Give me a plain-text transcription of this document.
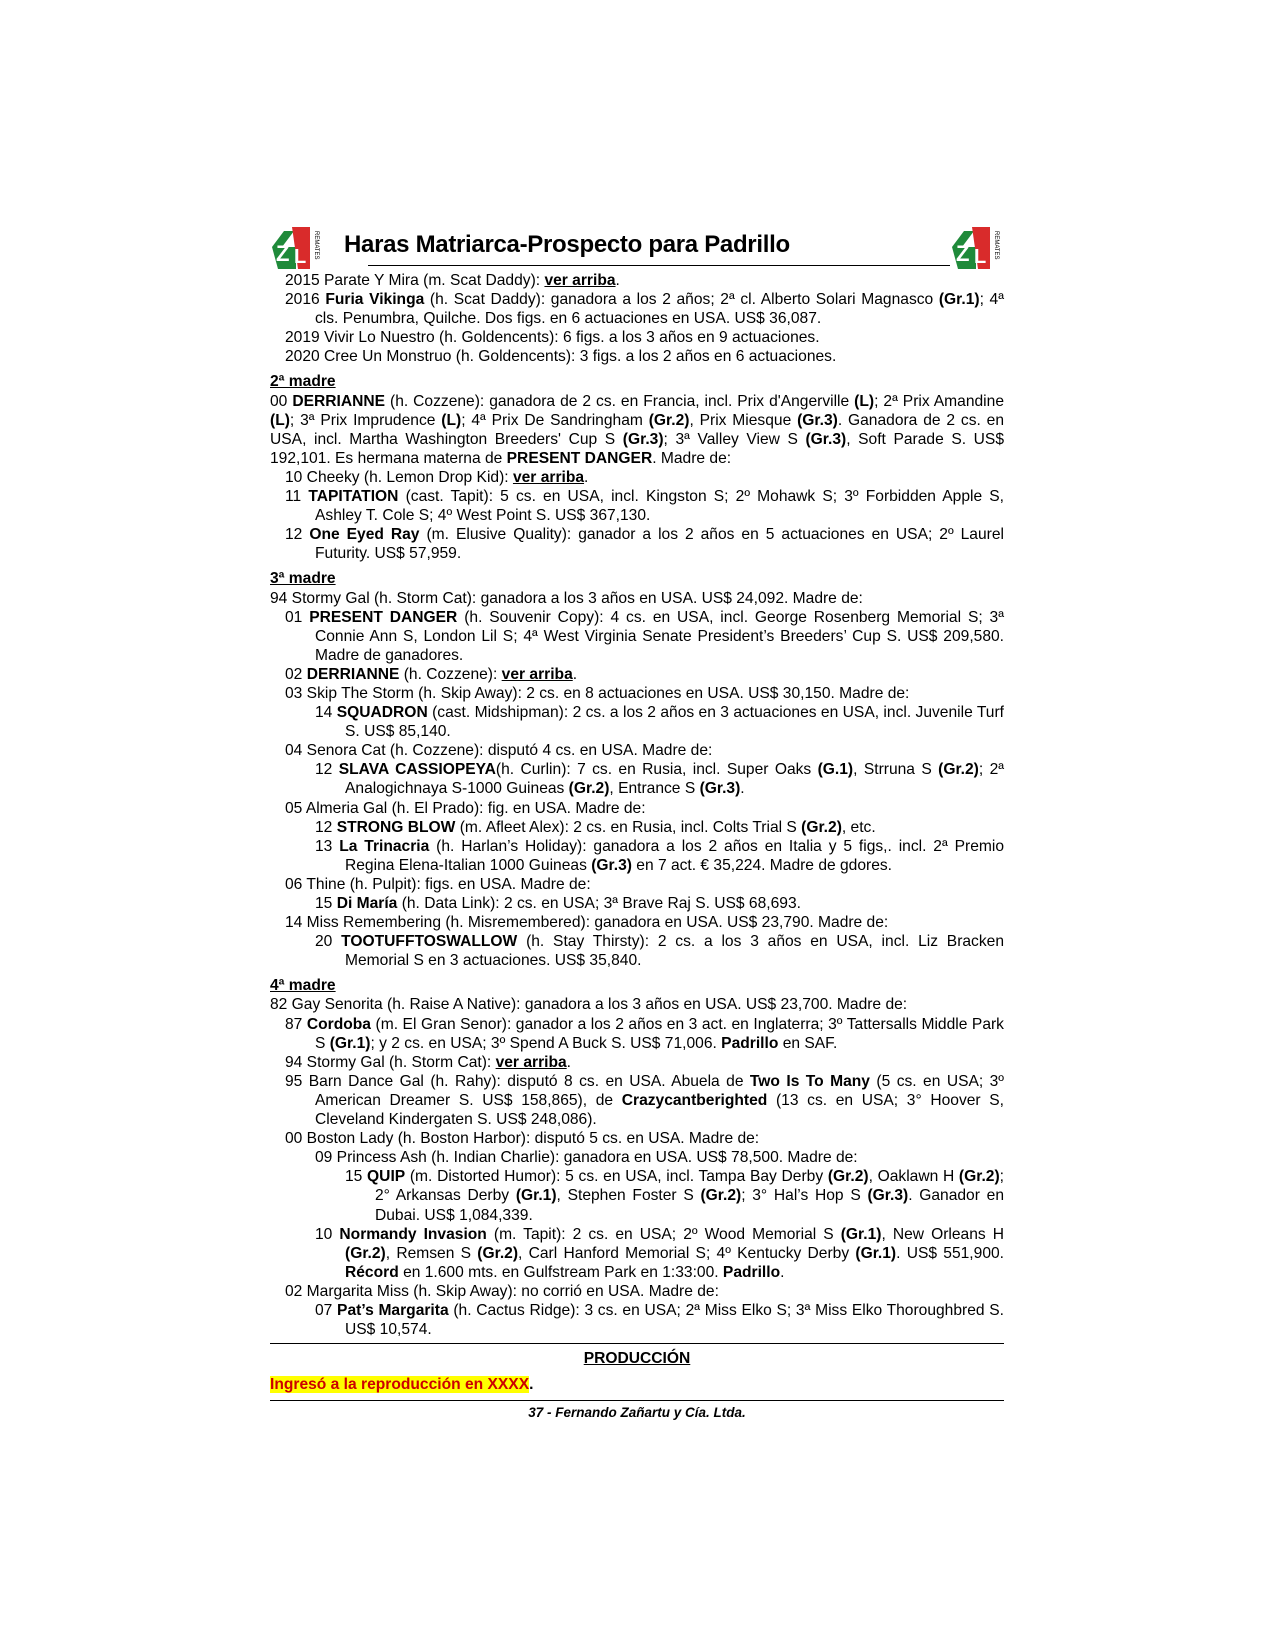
Z L REMATES Haras Matriarca-Prospecto para Padrillo	Z L REMATES

2015 Parate Y Mira (m. Scat Daddy): ver arriba.

2016 Furia Vikinga (h. Scat Daddy): ganadora a los 2 años; 2ª cl. Alberto Solari Magnasco (Gr.1); 4ª cls. Penumbra, Quilche. Dos figs. en 6 actuaciones en USA. US$ 36,087.

2019 Vivir Lo Nuestro (h. Goldencents): 6 figs. a los 3 años en 9 actuaciones.

2020 Cree Un Monstruo (h. Goldencents): 3 figs. a los 2 años en 6 actuaciones.

2ª madre

00 DERRIANNE (h. Cozzene): ganadora de 2 cs. en Francia, incl. Prix d'Angerville (L); 2ª Prix Amandine (L); 3ª Prix Imprudence (L); 4ª Prix De Sandringham (Gr.2), Prix Miesque (Gr.3). Ganadora de 2 cs. en USA, incl. Martha Washington Breeders' Cup S (Gr.3); 3ª Valley View S (Gr.3), Soft Parade S. US$ 192,101. Es hermana materna de PRESENT DANGER. Madre de:

10 Cheeky (h. Lemon Drop Kid): ver arriba.

11 TAPITATION (cast. Tapit): 5 cs. en USA, incl. Kingston S; 2º Mohawk S; 3º Forbidden Apple S, Ashley T. Cole S; 4º West Point S. US$ 367,130.

12 One Eyed Ray (m. Elusive Quality): ganador a los 2 años en 5 actuaciones en USA; 2º Laurel Futurity. US$ 57,959.

3ª madre

94 Stormy Gal (h. Storm Cat): ganadora a los 3 años en USA. US$ 24,092. Madre de:

01 PRESENT DANGER (h. Souvenir Copy): 4 cs. en USA, incl. George Rosenberg Memorial S; 3ª Connie Ann S, London Lil S; 4ª West Virginia Senate President’s Breeders’ Cup S. US$ 209,580. Madre de ganadores.

02 DERRIANNE (h. Cozzene): ver arriba.

03 Skip The Storm (h. Skip Away): 2 cs. en 8 actuaciones en USA. US$ 30,150. Madre de:

14 SQUADRON (cast. Midshipman): 2 cs. a los 2 años en 3 actuaciones en USA, incl. Juvenile Turf S. US$ 85,140.

04 Senora Cat (h. Cozzene): disputó 4 cs. en USA. Madre de:

12 SLAVA CASSIOPEYA(h. Curlin): 7 cs. en Rusia, incl. Super Oaks (G.1), Strruna S (Gr.2); 2ª Analogichnaya S-1000 Guineas (Gr.2), Entrance S (Gr.3).

05 Almeria Gal (h. El Prado): fig. en USA. Madre de:

12 STRONG BLOW (m. Afleet Alex): 2 cs. en Rusia, incl. Colts Trial S (Gr.2), etc.

13 La Trinacria (h. Harlan’s Holiday): ganadora a los 2 años en Italia y 5 figs,. incl. 2ª Premio Regina Elena-Italian 1000 Guineas (Gr.3) en 7 act. € 35,224. Madre de gdores.

06 Thine (h. Pulpit): figs. en USA. Madre de:

15 Di María (h. Data Link): 2 cs. en USA; 3ª Brave Raj S. US$ 68,693.

14 Miss Remembering (h. Misremembered): ganadora en USA. US$ 23,790. Madre de:

20 TOOTUFFTOSWALLOW (h. Stay Thirsty): 2 cs. a los 3 años en USA, incl. Liz Bracken Memorial S en 3 actuaciones. US$ 35,840.

4ª madre

82 Gay Senorita (h. Raise A Native): ganadora a los 3 años en USA. US$ 23,700. Madre de:

87 Cordoba (m. El Gran Senor): ganador a los 2 años en 3 act. en Inglaterra; 3º Tattersalls Middle Park S (Gr.1); y 2 cs. en USA; 3º Spend A Buck S. US$ 71,006. Padrillo en SAF.

94 Stormy Gal (h. Storm Cat): ver arriba.

95 Barn Dance Gal (h. Rahy): disputó 8 cs. en USA. Abuela de Two Is To Many (5 cs. en USA; 3º American Dreamer S. US$ 158,865), de Crazycantberighted (13 cs. en USA; 3° Hoover S, Cleveland Kindergaten S. US$ 248,086).

00 Boston Lady (h. Boston Harbor): disputó 5 cs. en USA. Madre de:

09 Princess Ash (h. Indian Charlie): ganadora en USA. US$ 78,500. Madre de:

15 QUIP (m. Distorted Humor): 5 cs. en USA, incl. Tampa Bay Derby (Gr.2), Oaklawn H (Gr.2); 2° Arkansas Derby (Gr.1), Stephen Foster S (Gr.2); 3° Hal’s Hop S (Gr.3). Ganador en Dubai. US$ 1,084,339.

10 Normandy Invasion (m. Tapit): 2 cs. en USA; 2º Wood Memorial S (Gr.1), New Orleans H (Gr.2), Remsen S (Gr.2), Carl Hanford Memorial S; 4º Kentucky Derby (Gr.1). US$ 551,900. Récord en 1.600 mts. en Gulfstream Park en 1:33:00. Padrillo.

02 Margarita Miss (h. Skip Away): no corrió en USA. Madre de:

07 Pat’s Margarita (h. Cactus Ridge): 3 cs. en USA; 2ª Miss Elko S; 3ª Miss Elko Thoroughbred S. US$ 10,574.

PRODUCCIÓN
Ingresó a la reproducción en XXXX.
37 - Fernando Zañartu y Cía. Ltda.
